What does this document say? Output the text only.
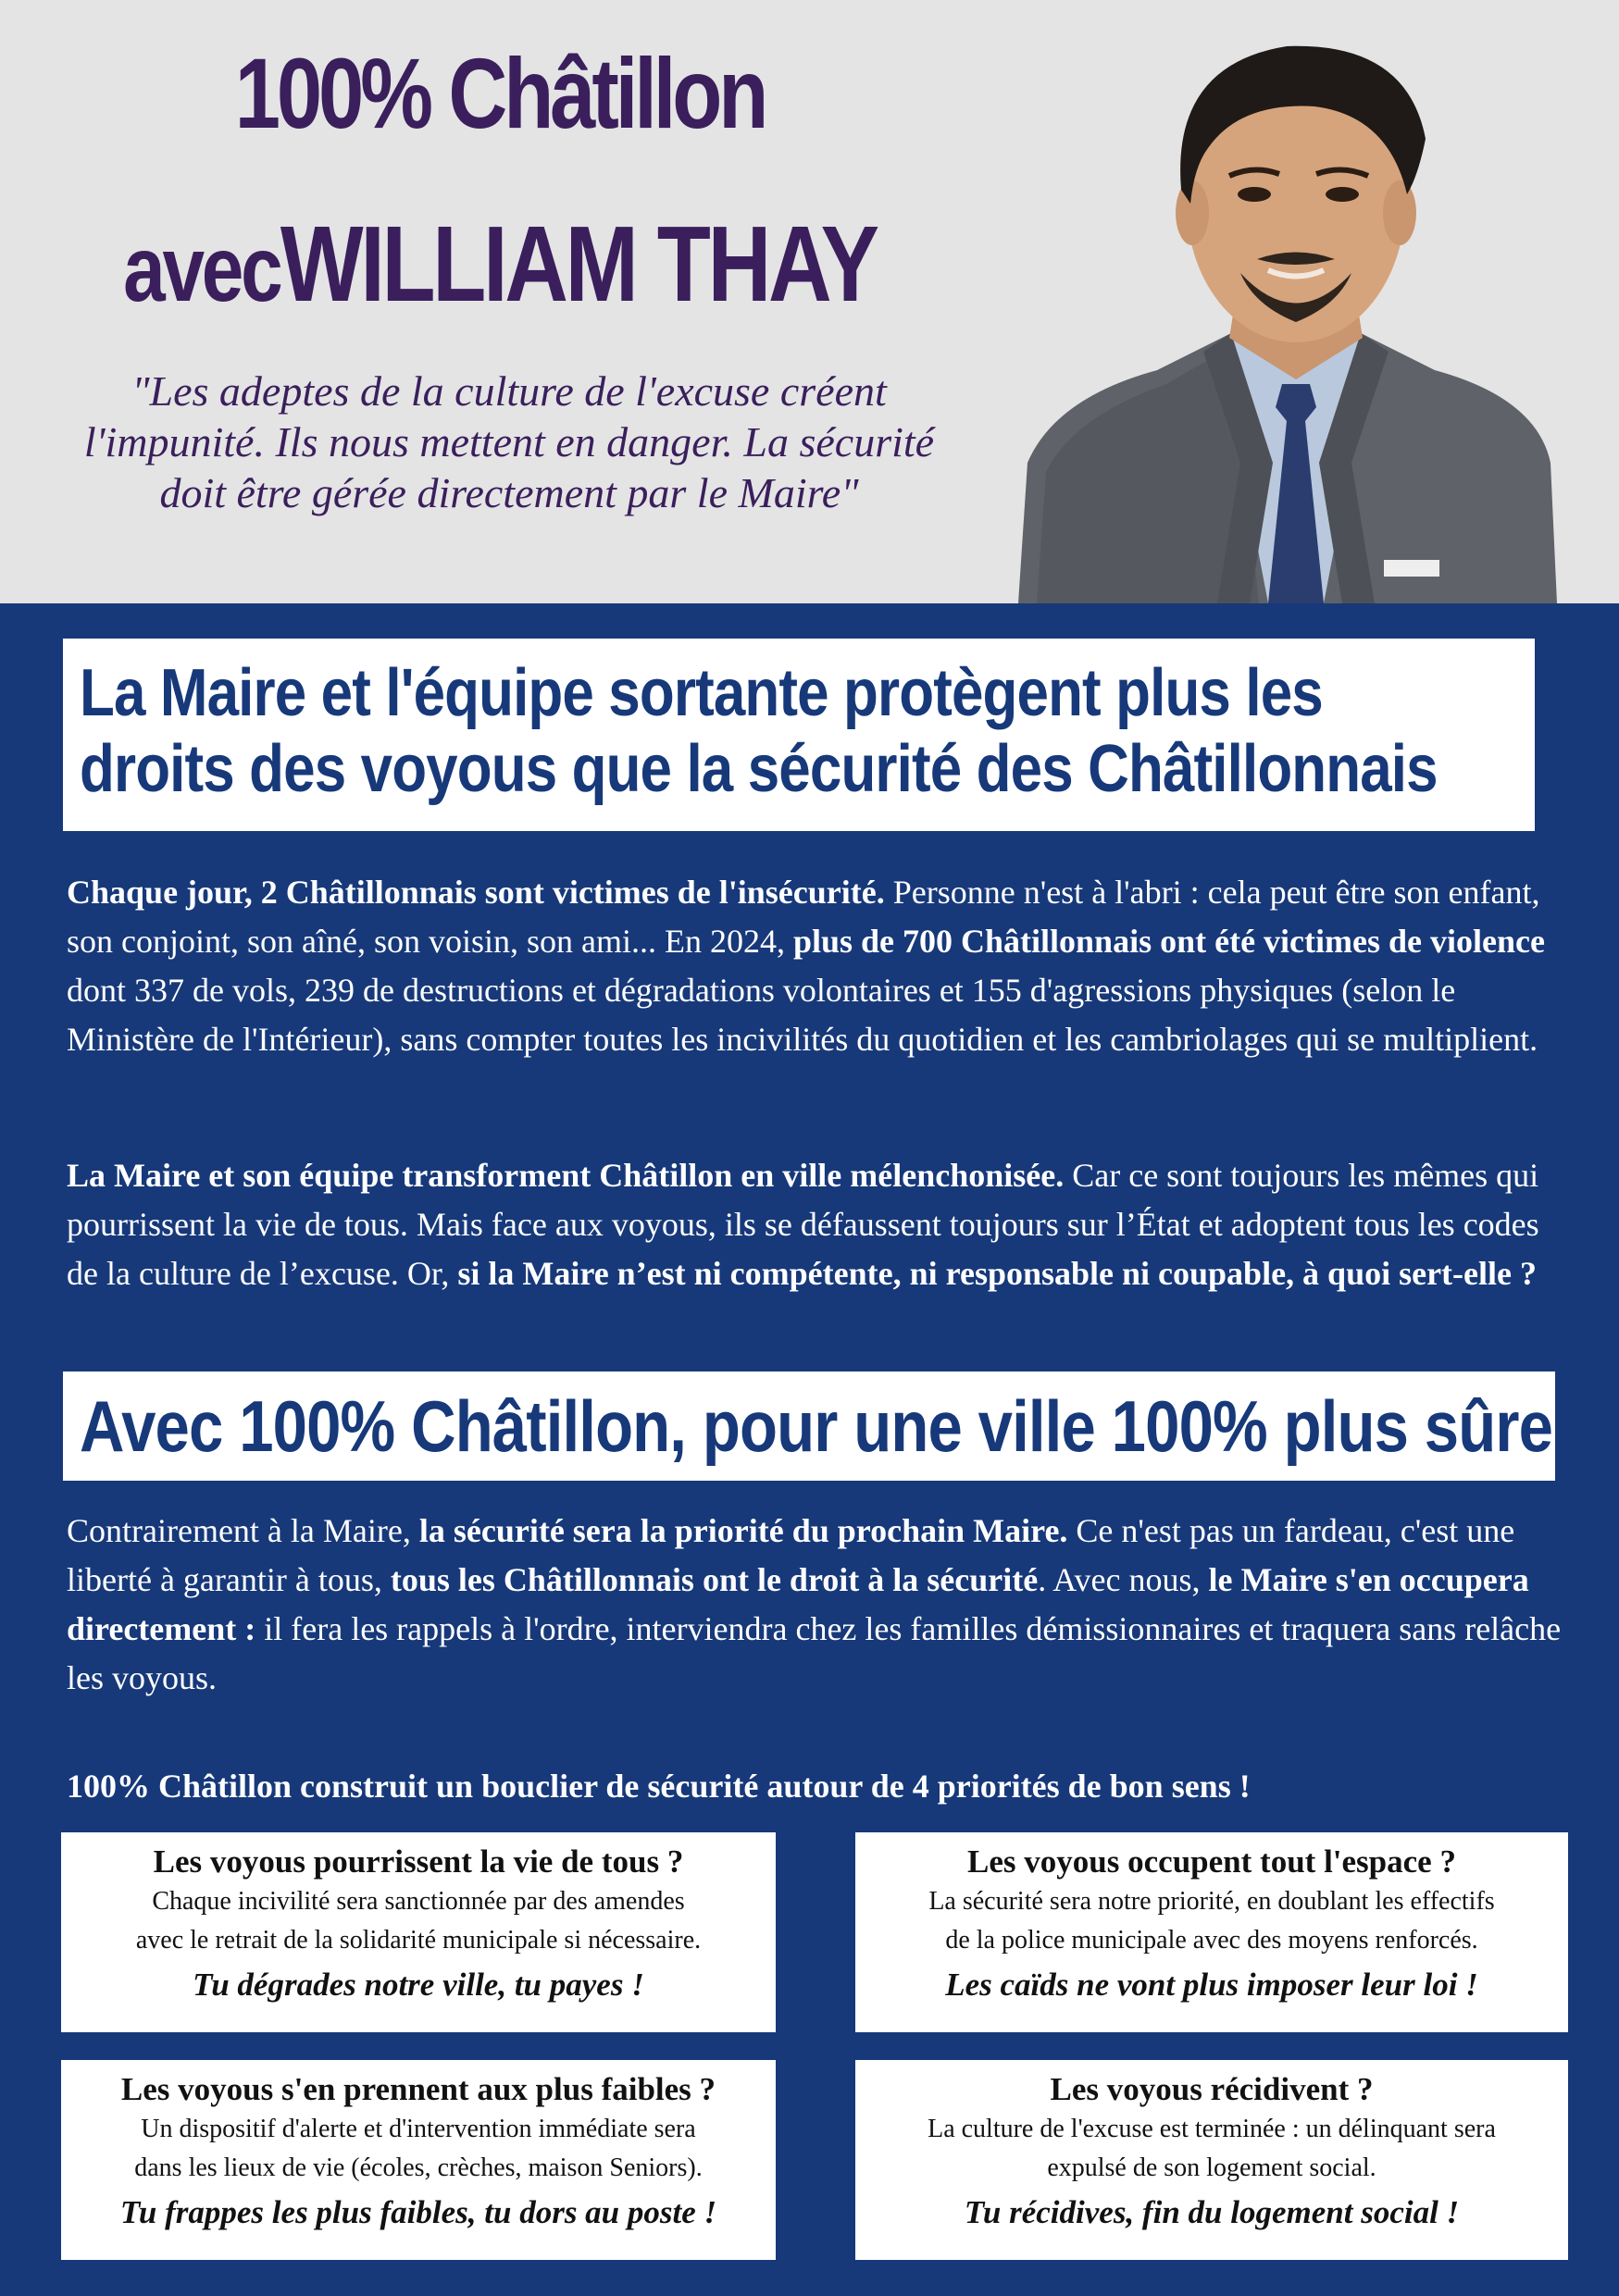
100% Châtillon
avec WILLIAM THAY
"Les adeptes de la culture de l'excuse créent l'impunité. Ils nous mettent en danger. La sécurité doit être gérée directement par le Maire"
La Maire et l'équipe sortante protègent plus les
droits des voyous que la sécurité des Châtillonnais

Chaque jour, 2 Châtillonnais sont victimes de l'insécurité. Personne n'est à l'abri : cela peut être son enfant, son conjoint, son aîné, son voisin, son ami... En 2024, plus de 700 Châtillonnais ont été victimes de violence dont 337 de vols, 239 de destructions et dégradations volontaires et 155 d'agressions physiques (selon le Ministère de l'Intérieur), sans compter toutes les incivilités du quotidien et les cambriolages qui se multiplient.

La Maire et son équipe transforment Châtillon en ville mélenchonisée. Car ce sont toujours les mêmes qui pourrissent la vie de tous. Mais face aux voyous, ils se défaussent toujours sur l’État et adoptent tous les codes de la culture de l’excuse. Or, si la Maire n’est ni compétente, ni responsable ni coupable, à quoi sert-elle ?

Avec 100% Châtillon, pour une ville 100% plus sûre

Contrairement à la Maire, la sécurité sera la priorité du prochain Maire. Ce n'est pas un fardeau, c'est une liberté à garantir à tous, tous les Châtillonnais ont le droit à la sécurité. Avec nous, le Maire s'en occupera directement : il fera les rappels à l'ordre, interviendra chez les familles démissionnaires et traquera sans relâche les voyous.

100% Châtillon construit un bouclier de sécurité autour de 4 priorités de bon sens !
Les voyous pourrissent la vie de tous ?
Chaque incivilité sera sanctionnée par des amendes
avec le retrait de la solidarité municipale si nécessaire.
Tu dégrades notre ville, tu payes !
Les voyous occupent tout l'espace ?
La sécurité sera notre priorité, en doublant les effectifs
de la police municipale avec des moyens renforcés.
Les caïds ne vont plus imposer leur loi !
Les voyous s'en prennent aux plus faibles ?
Un dispositif d'alerte et d'intervention immédiate sera
dans les lieux de vie (écoles, crèches, maison Seniors).
Tu frappes les plus faibles, tu dors au poste !
Les voyous récidivent ?
La culture de l'excuse est terminée : un délinquant sera
expulsé de son logement social.
Tu récidives, fin du logement social !
